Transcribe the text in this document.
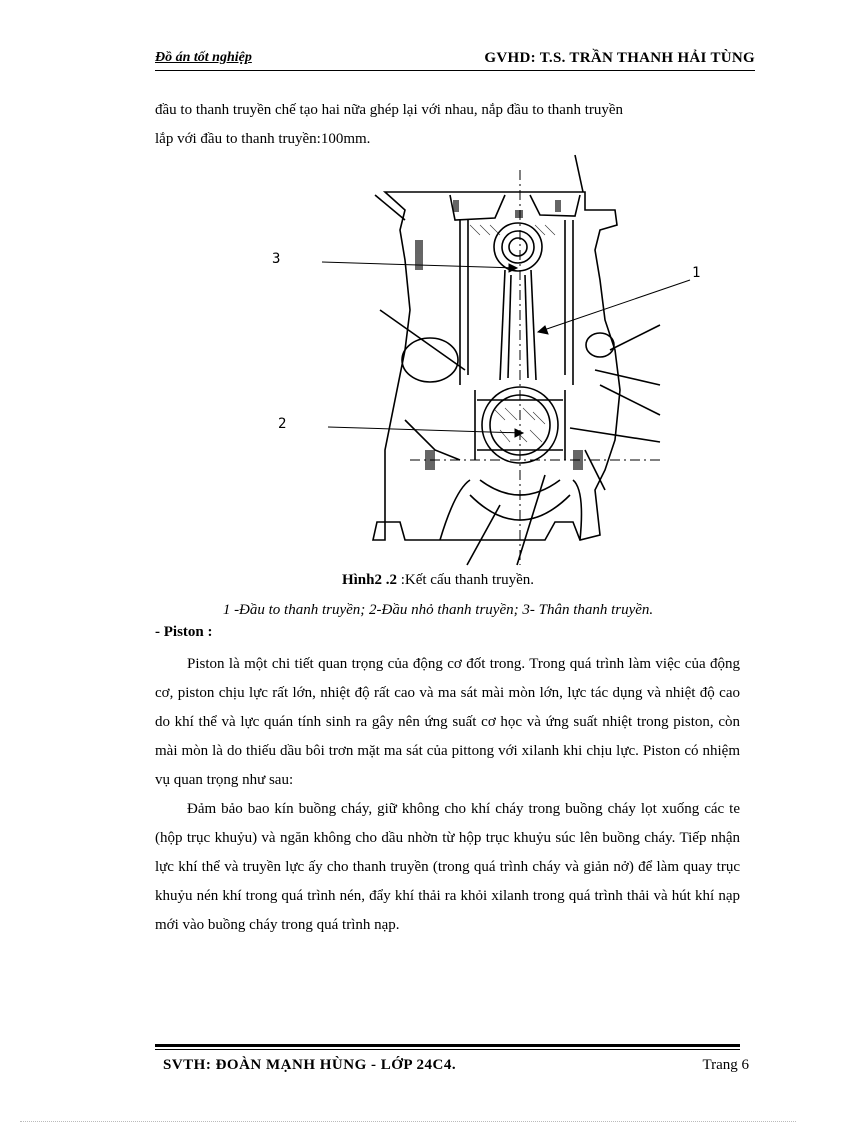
Đồ án tốt nghiệp	GVHD: T.S. TRẦN THANH HẢI TÙNG
đầu to thanh truyền chế tạo hai nữa ghép lại với nhau, nắp đầu to thanh truyền
lắp với đầu to thanh truyền:100mm.
3
1
2
Hình2 .2 :Kết cấu thanh truyền.
1 -Đầu to thanh truyền; 2-Đầu nhỏ thanh truyền; 3- Thân thanh truyền.
- Piston :

Piston là một chi tiết quan trọng của động cơ đốt trong. Trong quá trình làm việc của động cơ, piston chịu lực rất lớn, nhiệt độ rất cao và ma sát mài mòn lớn, lực tác dụng và nhiệt độ cao do khí thể và lực quán tính sinh ra gây nên ứng suất cơ học và ứng suất nhiệt trong piston, còn mài mòn là do thiếu dầu bôi trơn mặt ma sát của pittong với xilanh khi chịu lực. Piston có nhiệm vụ quan trọng như sau:

Đảm bảo bao kín buồng cháy, giữ không cho khí cháy trong buồng cháy lọt xuống các te (hộp trục khuỷu) và ngăn không cho dầu nhờn từ hộp trục khuỷu súc lên buồng cháy. Tiếp nhận lực khí thể và truyền lực ấy cho thanh truyền (trong quá trình cháy và giản nở) để làm quay trục khuỷu nén khí trong quá trình nén, đẩy khí thải ra khỏi xilanh trong quá trình thải và hút khí nạp mới vào buồng cháy trong quá trình nạp.

SVTH: ĐOÀN MẠNH HÙNG - LỚP 24C4.	Trang 6
